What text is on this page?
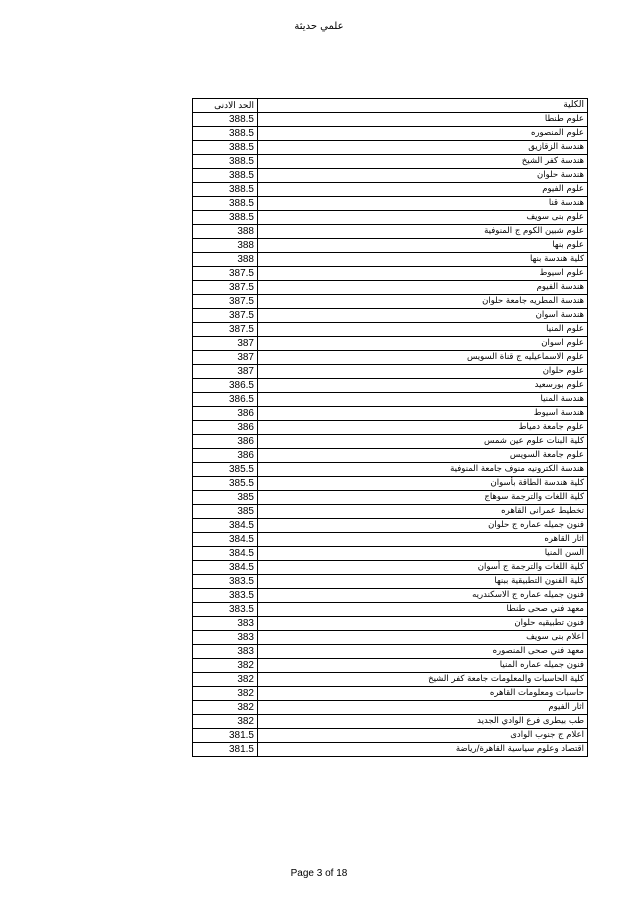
علمي حديثة
الحد الادنى	الكلية
388.5	علوم طنطا
388.5	علوم المنصوره
388.5	هندسة الزقازيق
388.5	هندسة كفر الشيخ
388.5	هندسة حلوان
388.5	علوم الفيوم
388.5	هندسة قنا
388.5	علوم بنى سويف
388	علوم شبين الكوم ج المنوفية
388	علوم بنها
388	كلية هندسة بنها
387.5	علوم اسيوط
387.5	هندسة الفيوم
387.5	هندسة المطريه جامعة حلوان
387.5	هندسة اسوان
387.5	علوم المنيا
387	علوم اسوان
387	علوم الاسماعيليه ج قناة السويس
387	علوم حلوان
386.5	علوم بورسعيد
386.5	هندسة المنيا
386	هندسة اسيوط
386	علوم جامعة دمياط
386	كلية البنات علوم عين شمس
386	علوم جامعة السويس
385.5	هندسة الكترونيه منوف جامعة المنوفية
385.5	كلية هندسة الطاقة بأسوان
385	كلية اللغات والترجمة سوهاج
385	تخطيط عمرانى القاهره
384.5	فنون جميله عماره ج حلوان
384.5	اثار القاهره
384.5	السن المنيا
384.5	كلية اللغات والترجمة ج أسوان
383.5	كلية الفنون التطبيقية ببنها
383.5	فنون جميله عماره ج الاسكندريه
383.5	معهد فني صحى طنطا
383	فنون تطبيقيه حلوان
383	اعلام بنى سويف
383	معهد فني صحى المنصوره
382	فنون جميله عماره المنيا
382	كلية الحاسبات والمعلومات جامعة كفر الشيخ
382	حاسبات ومعلومات القاهره
382	اثار الفيوم
382	طب بيطرى فرع الوادي الجديد
381.5	اعلام ج جنوب الوادى
381.5	اقتصاد وعلوم سياسية القاهرة/رياضة
Page 3 of 18
